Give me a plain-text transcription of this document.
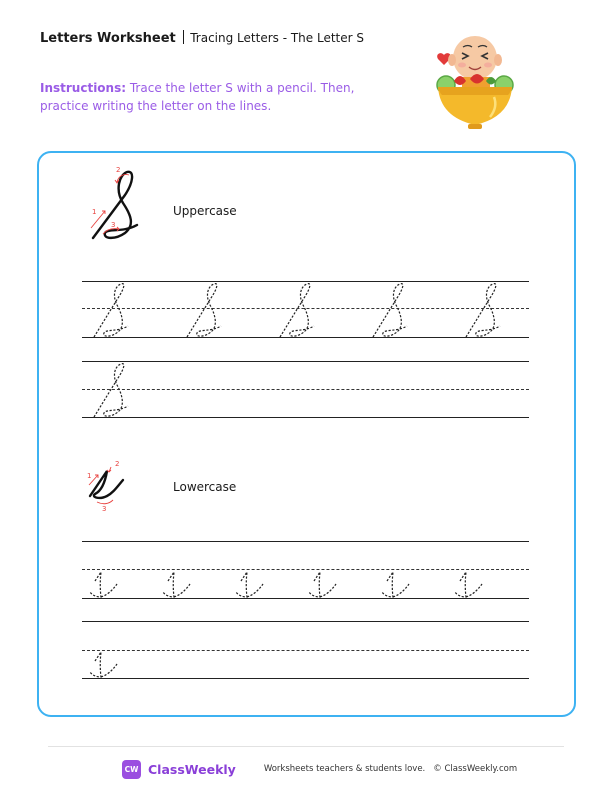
Letters Worksheet Tracing Letters - The Letter S
Instructions: Trace the letter S with a pencil. Then, practice writing the letter on the lines.
1
2
3
Uppercase
1
2
3
Lowercase
CW ClassWeekly	Worksheets teachers & students love. © ClassWeekly.com
